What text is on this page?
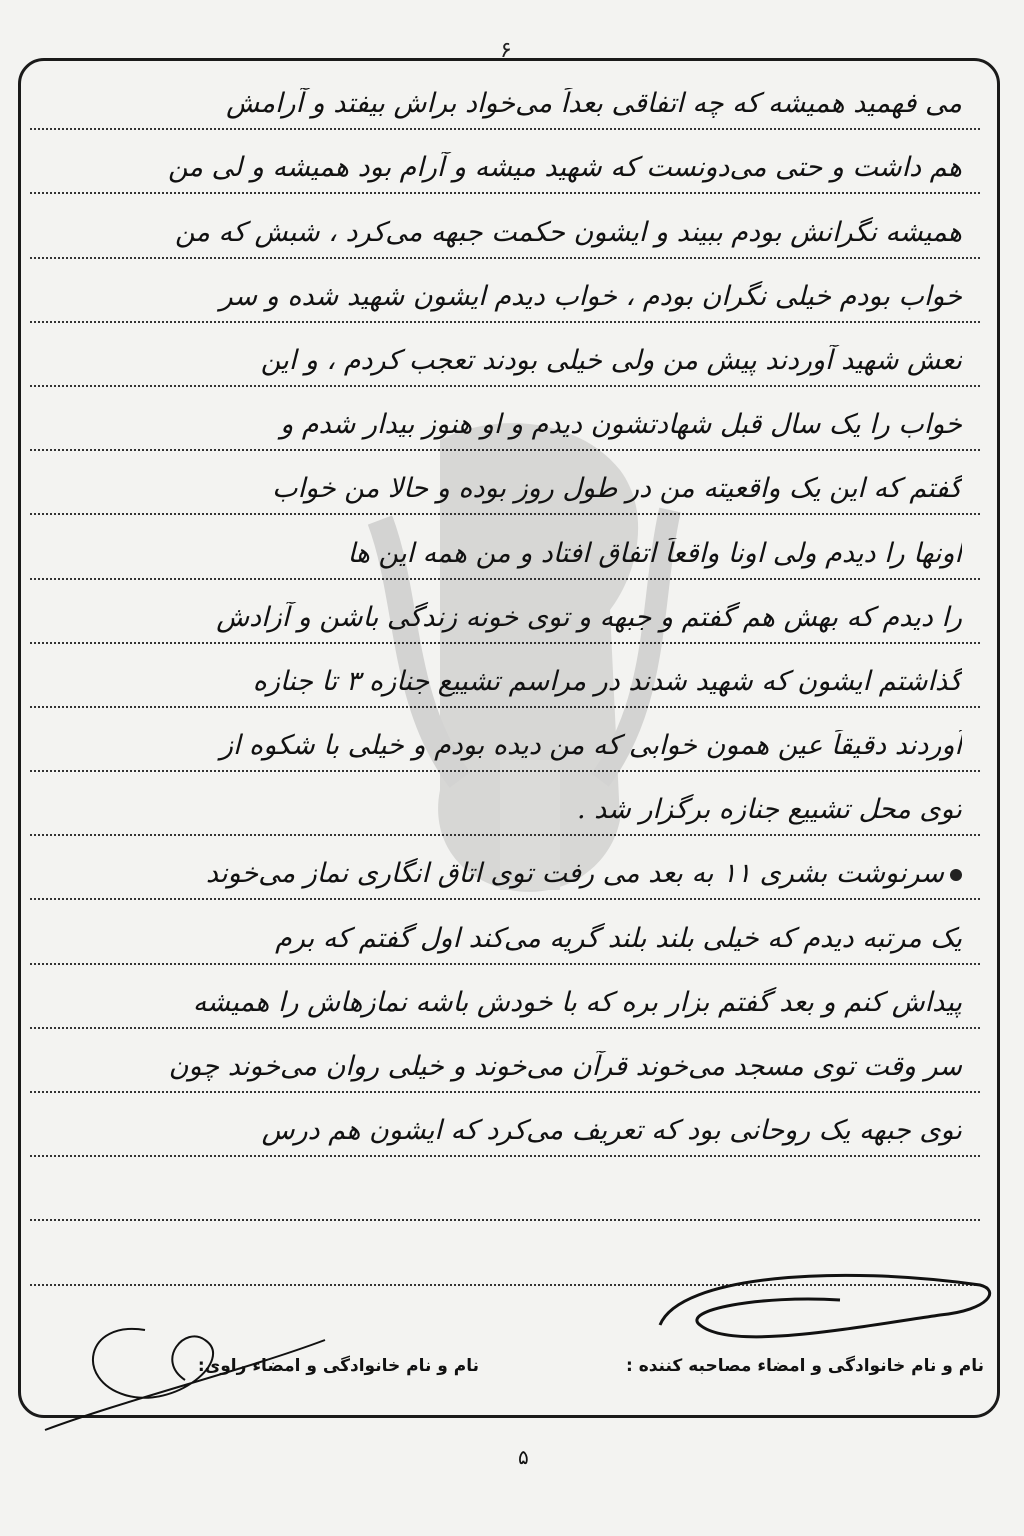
۶
می فهمید همیشه که چه اتفاقی بعداً می‌خواد براش بیفتد و آرامش
هم داشت و حتی می‌دونست که شهید میشه و آرام بود همیشه و لی من
همیشه نگرانش بودم ببیند و ایشون حکمت جبهه می‌کرد ، شبش که من
خواب بودم خیلی نگران بودم ، خواب دیدم ایشون شهید شده و سر
نعش شهید آوردند پیش من ولی خیلی بودند تعجب کردم ، و این
خواب را یک سال قبل شهادتشون دیدم و او هنوز بیدار شدم و
گفتم که این یک واقعیته من در طول روز بوده و حالا من خواب
اونها را دیدم ولی اونا واقعاً اتفاق افتاد و من همه این ها
را دیدم که بهش هم گفتم و جبهه و توی خونه زندگی باشن و آزادش
گذاشتم ایشون که شهید شدند در مراسم تشییع جنازه ۳ تا جنازه
آوردند دقیقاً عین همون خوابی که من دیده بودم و خیلی با شکوه از
توی محل تشییع جنازه برگزار شد .
سرنوشت بشری ۱۱ به بعد می رفت توی اتاق انگاری نماز می‌خوند
یک مرتبه دیدم که خیلی بلند بلند گریه می‌کند اول گفتم که برم
پیداش کنم و بعد گفتم بزار بره که با خودش باشه نمازهاش را همیشه
سر وقت توی مسجد می‌خوند قرآن می‌خوند و خیلی روان می‌خوند چون
توی جبهه یک روحانی بود که تعریف می‌کرد که ایشون هم درس
نام و نام خانوادگی و امضاء مصاحبه کننده :
نام و نام خانوادگی و امضاء راوی:
۵
